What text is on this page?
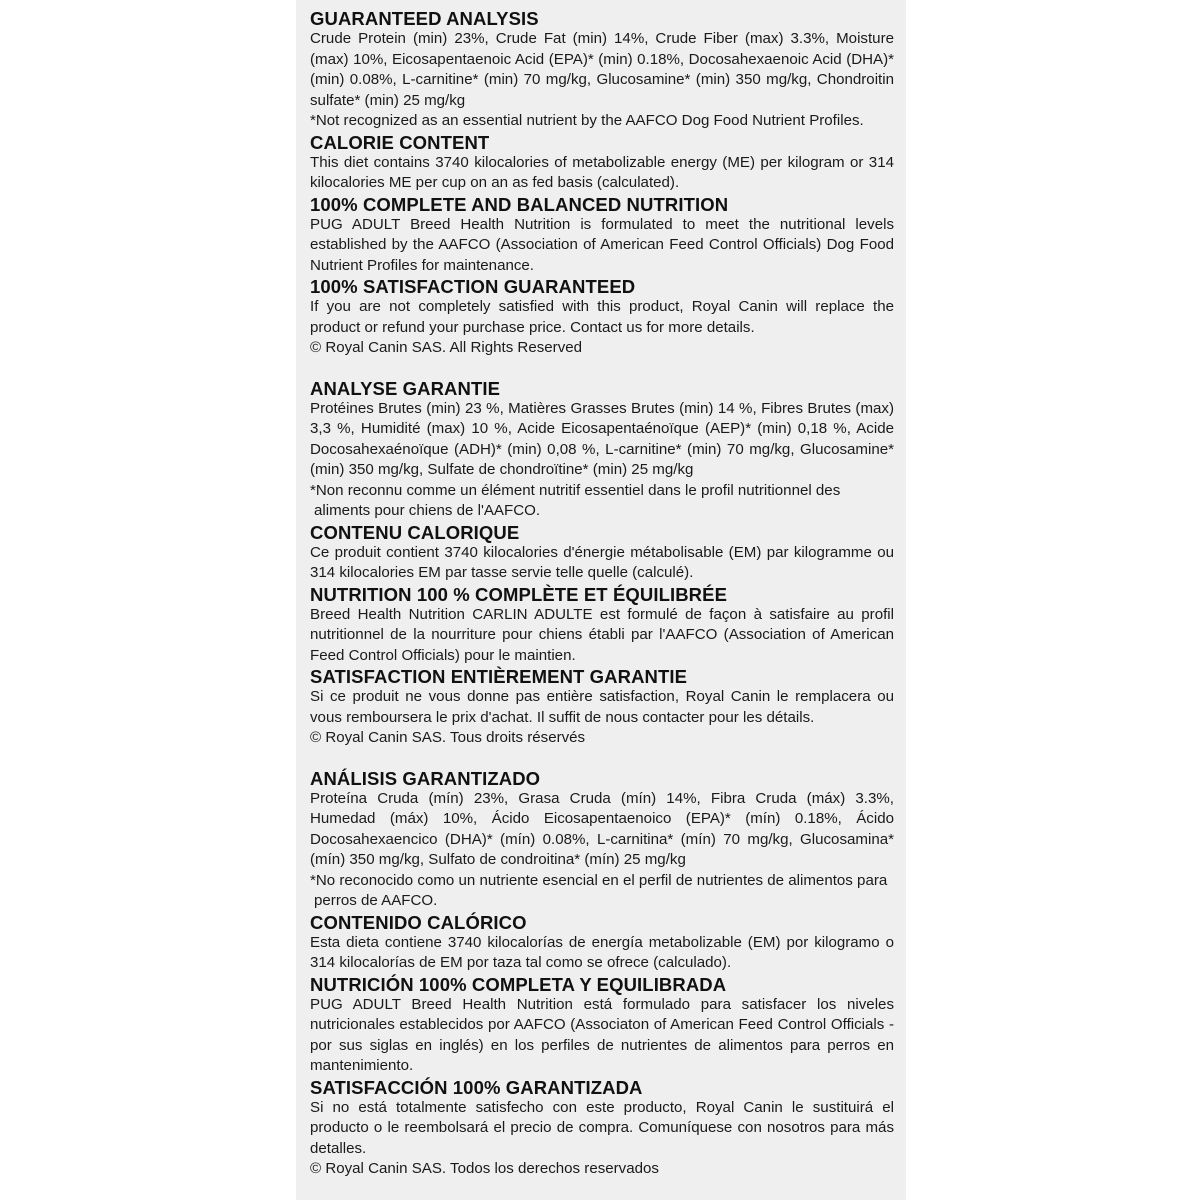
GUARANTEED ANALYSIS

Crude Protein (min) 23%, Crude Fat (min) 14%, Crude Fiber (max) 3.3%, Moisture (max) 10%, Eicosapentaenoic Acid (EPA)* (min) 0.18%, Docosahexaenoic Acid (DHA)* (min) 0.08%, L-carnitine* (min) 70 mg/kg, Glucosamine* (min) 350 mg/kg, Chondroitin sulfate* (min) 25 mg/kg

*Not recognized as an essential nutrient by the AAFCO Dog Food Nutrient Profiles.

CALORIE CONTENT

This diet contains 3740 kilocalories of metabolizable energy (ME) per kilogram or 314 kilocalories ME per cup on an as fed basis (calculated).

100% COMPLETE AND BALANCED NUTRITION

PUG ADULT Breed Health Nutrition is formulated to meet the nutritional levels established by the AAFCO (Association of American Feed Control Officials) Dog Food Nutrient Profiles for maintenance.

100% SATISFACTION GUARANTEED

If you are not completely satisfied with this product, Royal Canin will replace the product or refund your purchase price. Contact us for more details.

© Royal Canin SAS. All Rights Reserved

ANALYSE GARANTIE

Protéines Brutes (min) 23 %, Matières Grasses Brutes (min) 14 %, Fibres Brutes (max) 3,3 %, Humidité (max) 10 %, Acide Eicosapentaénoïque (AEP)* (min) 0,18 %, Acide Docosahexaénoïque (ADH)* (min) 0,08 %, L-carnitine* (min) 70 mg/kg, Glucosamine* (min) 350 mg/kg, Sulfate de chondroïtine* (min) 25 mg/kg

*Non reconnu comme un élément nutritif essentiel dans le profil nutritionnel des aliments pour chiens de l'AAFCO.

CONTENU CALORIQUE

Ce produit contient 3740 kilocalories d'énergie métabolisable (EM) par kilogramme ou 314 kilocalories EM par tasse servie telle quelle (calculé).

NUTRITION 100 % COMPLÈTE ET ÉQUILIBRÉE

Breed Health Nutrition CARLIN ADULTE est formulé de façon à satisfaire au profil nutritionnel de la nourriture pour chiens établi par l'AAFCO (Association of American Feed Control Officials) pour le maintien.

SATISFACTION ENTIÈREMENT GARANTIE

Si ce produit ne vous donne pas entière satisfaction, Royal Canin le remplacera ou vous remboursera le prix d'achat. Il suffit de nous contacter pour les détails.

© Royal Canin SAS. Tous droits réservés

ANÁLISIS GARANTIZADO

Proteína Cruda (mín) 23%, Grasa Cruda (mín) 14%, Fibra Cruda (máx) 3.3%, Humedad (máx) 10%, Ácido Eicosapentaenoico (EPA)* (mín) 0.18%, Ácido Docosahexaencico (DHA)* (mín) 0.08%, L-carnitina* (mín) 70 mg/kg, Glucosamina* (mín) 350 mg/kg, Sulfato de condroitina* (mín) 25 mg/kg

*No reconocido como un nutriente esencial en el perfil de nutrientes de alimentos para perros de AAFCO.

CONTENIDO CALÓRICO

Esta dieta contiene 3740 kilocalorías de energía metabolizable (EM) por kilogramo o 314 kilocalorías de EM por taza tal como se ofrece (calculado).

NUTRICIÓN 100% COMPLETA Y EQUILIBRADA

PUG ADULT Breed Health Nutrition está formulado para satisfacer los niveles nutricionales establecidos por AAFCO (Associaton of American Feed Control Officials - por sus siglas en inglés) en los perfiles de nutrientes de alimentos para perros en mantenimiento.

SATISFACCIÓN 100% GARANTIZADA

Si no está totalmente satisfecho con este producto, Royal Canin le sustituirá el producto o le reembolsará el precio de compra. Comuníquese con nosotros para más detalles.

© Royal Canin SAS. Todos los derechos reservados
